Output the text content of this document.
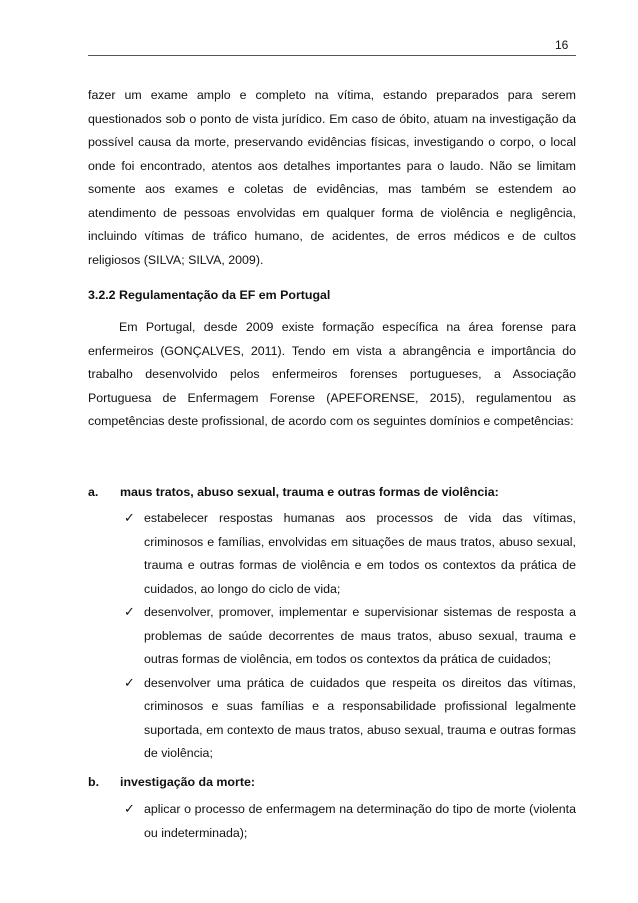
16

fazer um exame amplo e completo na vítima, estando preparados para serem questionados sob o ponto de vista jurídico. Em caso de óbito, atuam na investigação da possível causa da morte, preservando evidências físicas, investigando o corpo, o local onde foi encontrado, atentos aos detalhes importantes para o laudo. Não se limitam somente aos exames e coletas de evidências, mas também se estendem ao atendimento de pessoas envolvidas em qualquer forma de violência e negligência, incluindo vítimas de tráfico humano, de acidentes, de erros médicos e de cultos religiosos (SILVA; SILVA, 2009).

3.2.2 Regulamentação da EF em Portugal

Em Portugal, desde 2009 existe formação específica na área forense para enfermeiros (GONÇALVES, 2011). Tendo em vista a abrangência e importância do trabalho desenvolvido pelos enfermeiros forenses portugueses, a Associação Portuguesa de Enfermagem Forense (APEFORENSE, 2015), regulamentou as competências deste profissional, de acordo com os seguintes domínios e competências:

a. maus tratos, abuso sexual, trauma e outras formas de violência:
✓ estabelecer respostas humanas aos processos de vida das vítimas, criminosos e famílias, envolvidas em situações de maus tratos, abuso sexual, trauma e outras formas de violência e em todos os contextos da prática de cuidados, ao longo do ciclo de vida;
✓ desenvolver, promover, implementar e supervisionar sistemas de resposta a problemas de saúde decorrentes de maus tratos, abuso sexual, trauma e outras formas de violência, em todos os contextos da prática de cuidados;
✓ desenvolver uma prática de cuidados que respeita os direitos das vítimas, criminosos e suas famílias e a responsabilidade profissional legalmente suportada, em contexto de maus tratos, abuso sexual, trauma e outras formas de violência;
b. investigação da morte:
✓ aplicar o processo de enfermagem na determinação do tipo de morte (violenta ou indeterminada);
